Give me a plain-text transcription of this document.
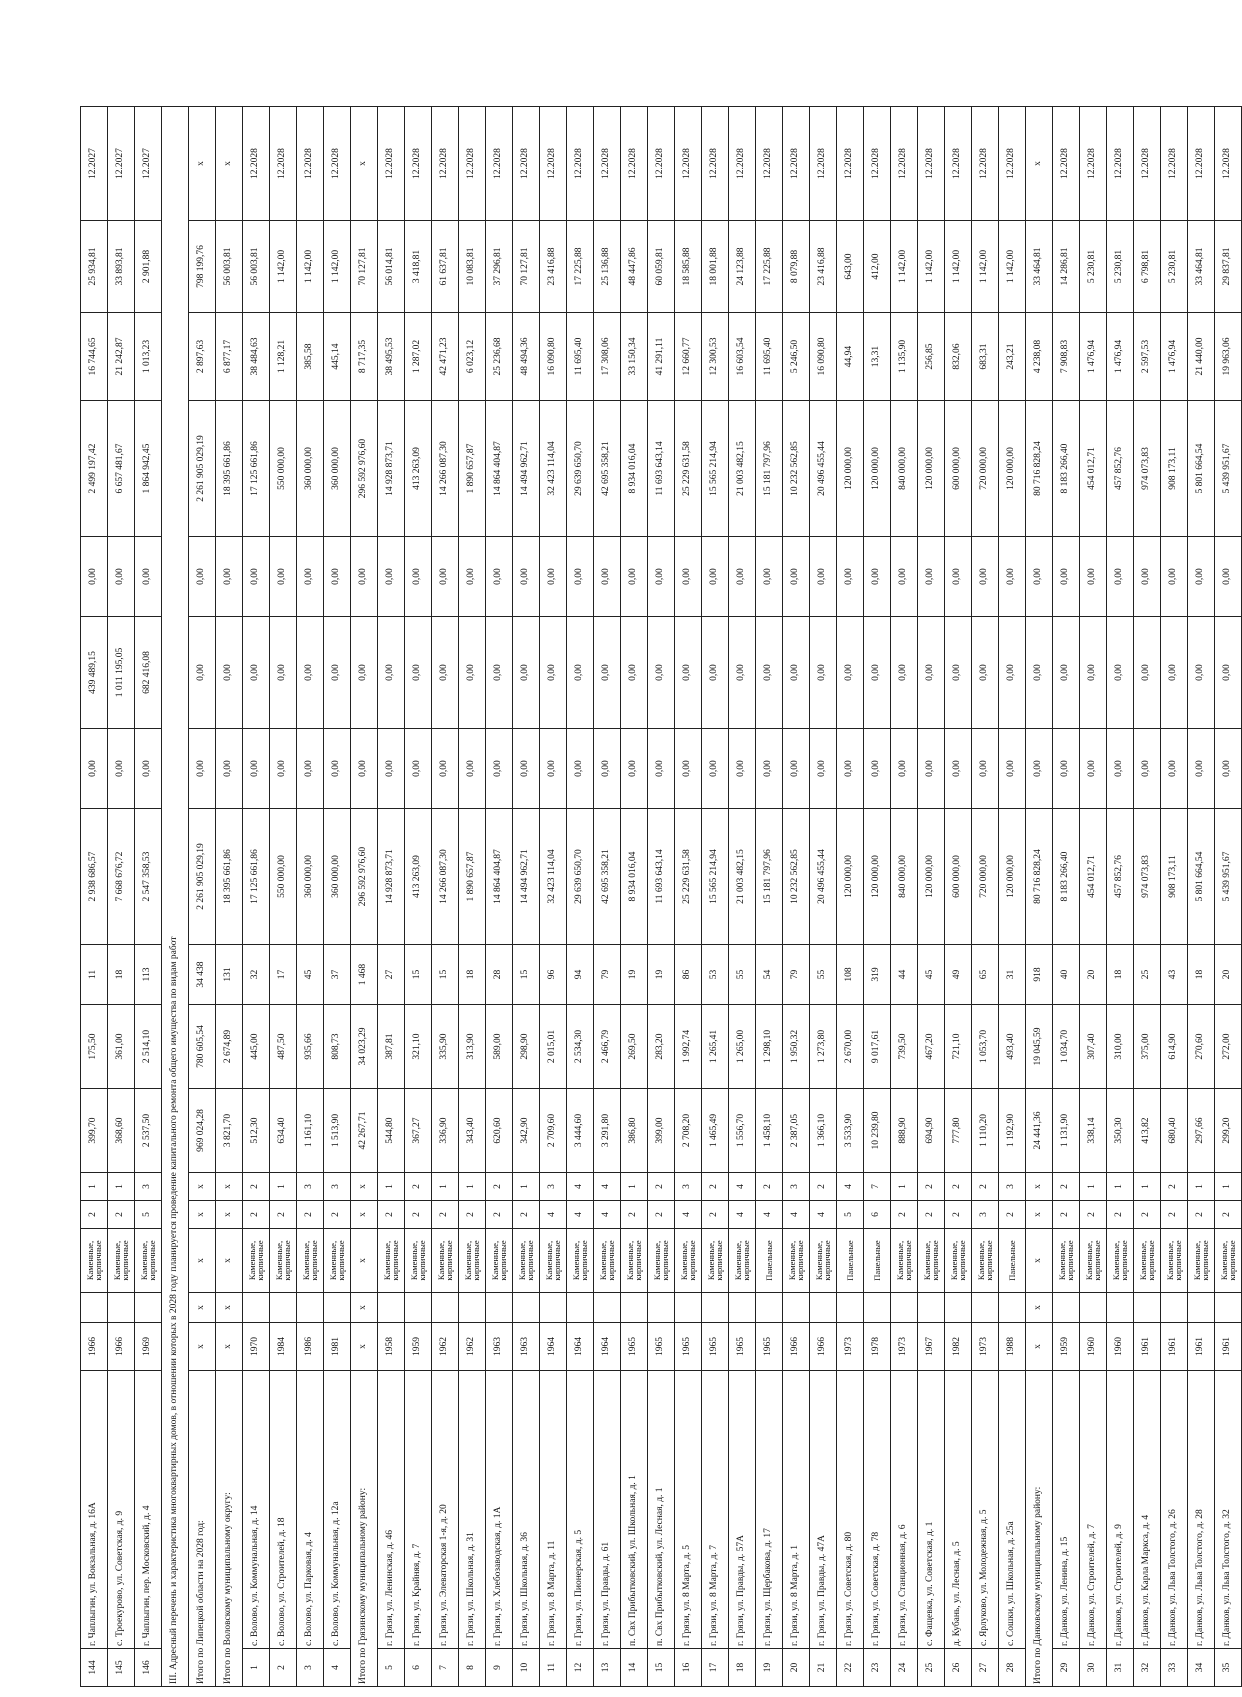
144	г. Чаплыгин, ул. Вокзальная, д. 16А	1966		Каменные, кирпичные	2	1	399,70	175,50	11	2 938 686,57	0,00	439 489,15	0,00	2 499 197,42	16 744,65	25 934,81	12.2027
145	с. Троекурово, ул. Советская, д. 9	1966		Каменные, кирпичные	2	1	368,60	361,00	18	7 668 676,72	0,00	1 011 195,05	0,00	6 657 481,67	21 242,87	33 893,81	12.2027
146	г. Чаплыгин, пер. Московский, д. 4	1969		Каменные, кирпичные	5	3	2 537,50	2 514,10	113	2 547 358,53	0,00	682 416,08	0,00	1 864 942,45	1 013,23	2 901,88	12.2027
III. Адресный перечень и характеристика многоквартирных домов, в отношении которых в 2028 году планируется проведение капитального ремонта общего имущества по видам работ																	
Итого по Липецкой области на 2028 год:		x	x	x	x	x	969 024,28	780 605,54	34 438	2 261 905 029,19	0,00	0,00	0,00	2 261 905 029,19	2 897,63	798 199,76	x
Итого по Воловскому муниципальному округу:		x	x	x	x	x	3 821,70	2 674,89	131	18 395 661,86	0,00	0,00	0,00	18 395 661,86	6 877,17	56 003,81	x
1	с. Волово, ул. Коммунальная, д. 14	1970		Каменные, кирпичные	2	2	512,30	445,00	32	17 125 661,86	0,00	0,00	0,00	17 125 661,86	38 484,63	56 003,81	12.2028
2	с. Волово, ул. Строителей, д. 18	1984		Каменные, кирпичные	2	1	634,40	487,50	17	550 000,00	0,00	0,00	0,00	550 000,00	1 128,21	1 142,00	12.2028
3	с. Волово, ул. Парковая, д. 4	1986		Каменные, кирпичные	2	3	1 161,10	935,66	45	360 000,00	0,00	0,00	0,00	360 000,00	385,58	1 142,00	12.2028
4	с. Волово, ул. Коммунальная, д. 12а	1981		Каменные, кирпичные	2	3	1 513,90	808,73	37	360 000,00	0,00	0,00	0,00	360 000,00	445,14	1 142,00	12.2028
Итого по Грязинскому муниципальному району:		x	x	x	x	x	42 267,71	34 023,29	1 468	296 592 976,60	0,00	0,00	0,00	296 592 976,60	8 717,35	70 127,81	x
5	г. Грязи, ул. Ленинская, д. 46	1958		Каменные, кирпичные	2	1	544,80	387,81	27	14 928 873,71	0,00	0,00	0,00	14 928 873,71	38 495,53	56 014,81	12.2028
6	г. Грязи, ул. Крайняя, д. 7	1959		Каменные, кирпичные	2	2	367,27	321,10	15	413 263,09	0,00	0,00	0,00	413 263,09	1 287,02	3 418,81	12.2028
7	г. Грязи, ул. Элеваторская 1-я, д. 20	1962		Каменные, кирпичные	2	1	336,90	335,90	15	14 266 087,30	0,00	0,00	0,00	14 266 087,30	42 471,23	61 637,81	12.2028
8	г. Грязи, ул. Школьная, д. 31	1962		Каменные, кирпичные	2	1	343,40	313,90	18	1 890 657,87	0,00	0,00	0,00	1 890 657,87	6 023,12	10 083,81	12.2028
9	г. Грязи, ул. Хлебозаводская, д. 1А	1963		Каменные, кирпичные	2	2	620,60	589,00	28	14 864 404,87	0,00	0,00	0,00	14 864 404,87	25 236,68	37 296,81	12.2028
10	г. Грязи, ул. Школьная, д. 36	1963		Каменные, кирпичные	2	1	342,90	298,90	15	14 494 962,71	0,00	0,00	0,00	14 494 962,71	48 494,36	70 127,81	12.2028
11	г. Грязи, ул. 8 Марта, д. 11	1964		Каменные, кирпичные	4	3	2 709,60	2 015,01	96	32 423 114,04	0,00	0,00	0,00	32 423 114,04	16 090,80	23 416,88	12.2028
12	г. Грязи, ул. Пионерская, д. 5	1964		Каменные, кирпичные	4	4	3 444,60	2 534,30	94	29 639 650,70	0,00	0,00	0,00	29 639 650,70	11 695,40	17 225,88	12.2028
13	г. Грязи, ул. Правды, д. 61	1964		Каменные, кирпичные	4	4	3 291,80	2 466,79	79	42 695 358,21	0,00	0,00	0,00	42 695 358,21	17 308,06	25 136,88	12.2028
14	п. Свх Прибытковский, ул. Школьная, д. 1	1965		Каменные, кирпичные	2	1	386,80	269,50	19	8 934 016,04	0,00	0,00	0,00	8 934 016,04	33 150,34	48 447,86	12.2028
15	п. Свх Прибытковский, ул. Лесная, д. 1	1965		Каменные, кирпичные	2	2	399,00	283,20	19	11 693 643,14	0,00	0,00	0,00	11 693 643,14	41 291,11	60 059,81	12.2028
16	г. Грязи, ул. 8 Марта, д. 5	1965		Каменные, кирпичные	4	3	2 708,20	1 992,74	86	25 229 631,58	0,00	0,00	0,00	25 229 631,58	12 660,77	18 585,88	12.2028
17	г. Грязи, ул. 8 Марта, д. 7	1965		Каменные, кирпичные	2	2	1 465,49	1 265,41	53	15 565 214,94	0,00	0,00	0,00	15 565 214,94	12 300,53	18 001,88	12.2028
18	г. Грязи, ул. Правды, д. 57А	1965		Каменные, кирпичные	4	4	1 556,70	1 265,00	55	21 003 482,15	0,00	0,00	0,00	21 003 482,15	16 603,54	24 123,88	12.2028
19	г. Грязи, ул. Щербакова, д. 17	1965		Панельные	4	2	1 458,10	1 298,10	54	15 181 797,96	0,00	0,00	0,00	15 181 797,96	11 695,40	17 225,88	12.2028
20	г. Грязи, ул. 8 Марта, д. 1	1966		Каменные, кирпичные	4	3	2 387,05	1 950,32	79	10 232 562,85	0,00	0,00	0,00	10 232 562,85	5 246,50	8 079,88	12.2028
21	г. Грязи, ул. Правды, д. 47А	1966		Каменные, кирпичные	4	2	1 366,10	1 273,80	55	20 496 455,44	0,00	0,00	0,00	20 496 455,44	16 090,80	23 416,88	12.2028
22	г. Грязи, ул. Советская, д. 80	1973		Панельные	5	4	3 533,90	2 670,00	108	120 000,00	0,00	0,00	0,00	120 000,00	44,94	643,00	12.2028
23	г. Грязи, ул. Советская, д. 78	1978		Панельные	6	7	10 239,80	9 017,61	319	120 000,00	0,00	0,00	0,00	120 000,00	13,31	412,00	12.2028
24	г. Грязи, ул. Станционная, д. 6	1973		Каменные, кирпичные	2	1	888,90	739,50	44	840 000,00	0,00	0,00	0,00	840 000,00	1 135,90	1 142,00	12.2028
25	с. Фащевка, ул. Советская, д. 1	1967		Каменные, кирпичные	2	2	694,90	467,20	45	120 000,00	0,00	0,00	0,00	120 000,00	256,85	1 142,00	12.2028
26	д. Кубань, ул. Лесная, д. 5	1982		Каменные, кирпичные	2	2	777,80	721,10	49	600 000,00	0,00	0,00	0,00	600 000,00	832,06	1 142,00	12.2028
27	с. Ярлуково, ул. Молодежная, д. 5	1973		Каменные, кирпичные	3	2	1 110,20	1 053,70	65	720 000,00	0,00	0,00	0,00	720 000,00	683,31	1 142,00	12.2028
28	с. Сошки, ул. Школьная, д. 25а	1988		Панельные	2	3	1 192,90	493,40	31	120 000,00	0,00	0,00	0,00	120 000,00	243,21	1 142,00	12.2028
Итого по Данковскому муниципальному району:		x	x	x	x	x	24 441,36	19 045,59	918	80 716 828,24	0,00	0,00	0,00	80 716 828,24	4 238,08	33 464,81	x
29	г. Данков, ул. Ленина, д. 15	1959		Каменные, кирпичные	2	2	1 131,90	1 034,70	40	8 183 266,40	0,00	0,00	0,00	8 183 266,40	7 908,83	14 286,81	12.2028
30	г. Данков, ул. Строителей, д. 7	1960		Каменные, кирпичные	2	1	338,14	307,40	20	454 012,71	0,00	0,00	0,00	454 012,71	1 476,94	5 230,81	12.2028
31	г. Данков, ул. Строителей, д. 9	1960		Каменные, кирпичные	2	1	350,30	310,00	18	457 852,76	0,00	0,00	0,00	457 852,76	1 476,94	5 230,81	12.2028
32	г. Данков, ул. Карла Маркса, д. 4	1961		Каменные, кирпичные	2	1	413,82	375,00	25	974 073,83	0,00	0,00	0,00	974 073,83	2 597,53	6 798,81	12.2028
33	г. Данков, ул. Льва Толстого, д. 26	1961		Каменные, кирпичные	2	2	680,40	614,90	43	908 173,11	0,00	0,00	0,00	908 173,11	1 476,94	5 230,81	12.2028
34	г. Данков, ул. Льва Толстого, д. 28	1961		Каменные, кирпичные	2	1	297,66	270,60	18	5 801 664,54	0,00	0,00	0,00	5 801 664,54	21 440,00	33 464,81	12.2028
35	г. Данков, ул. Льва Толстого, д. 32	1961		Каменные, кирпичные	2	1	299,20	272,00	20	5 439 951,67	0,00	0,00	0,00	5 439 951,67	19 963,06	29 837,81	12.2028
